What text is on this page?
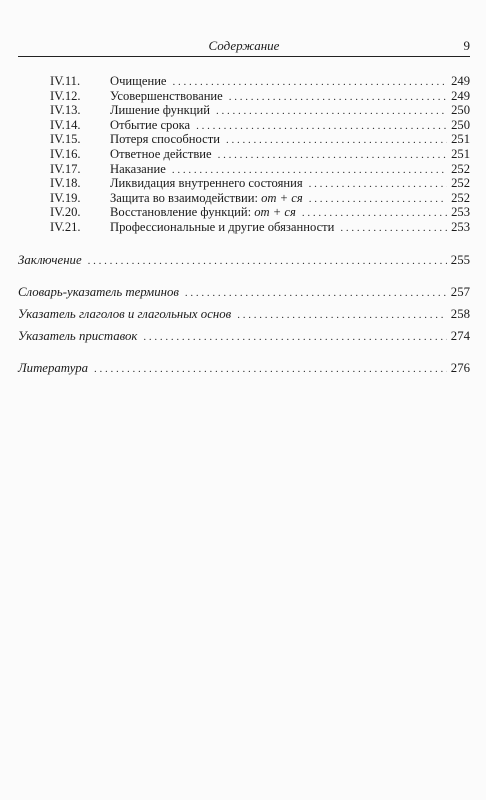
Содержание	9
IV.11.	Очищение . . .	249
IV.12.	Усовершенствование . . .	249
IV.13.	Лишение функций . . .	250
IV.14.	Отбытие срока . . .	250
IV.15.	Потеря способности . . .	251
IV.16.	Ответное действие . . .	251
IV.17.	Наказание . . .	252
IV.18.	Ликвидация внутреннего состояния . . .	252
IV.19.	Защита во взаимодействии: от + ся . . .	252
IV.20.	Восстановление функций: от + ся . . .	253
IV.21.	Профессиональные и другие обязанности . . .	253
Заключение . . .	255
Словарь-указатель терминов . . .	257
Указатель глаголов и глагольных основ . . .	258
Указатель приставок . . .	274
Литература . . .	276
